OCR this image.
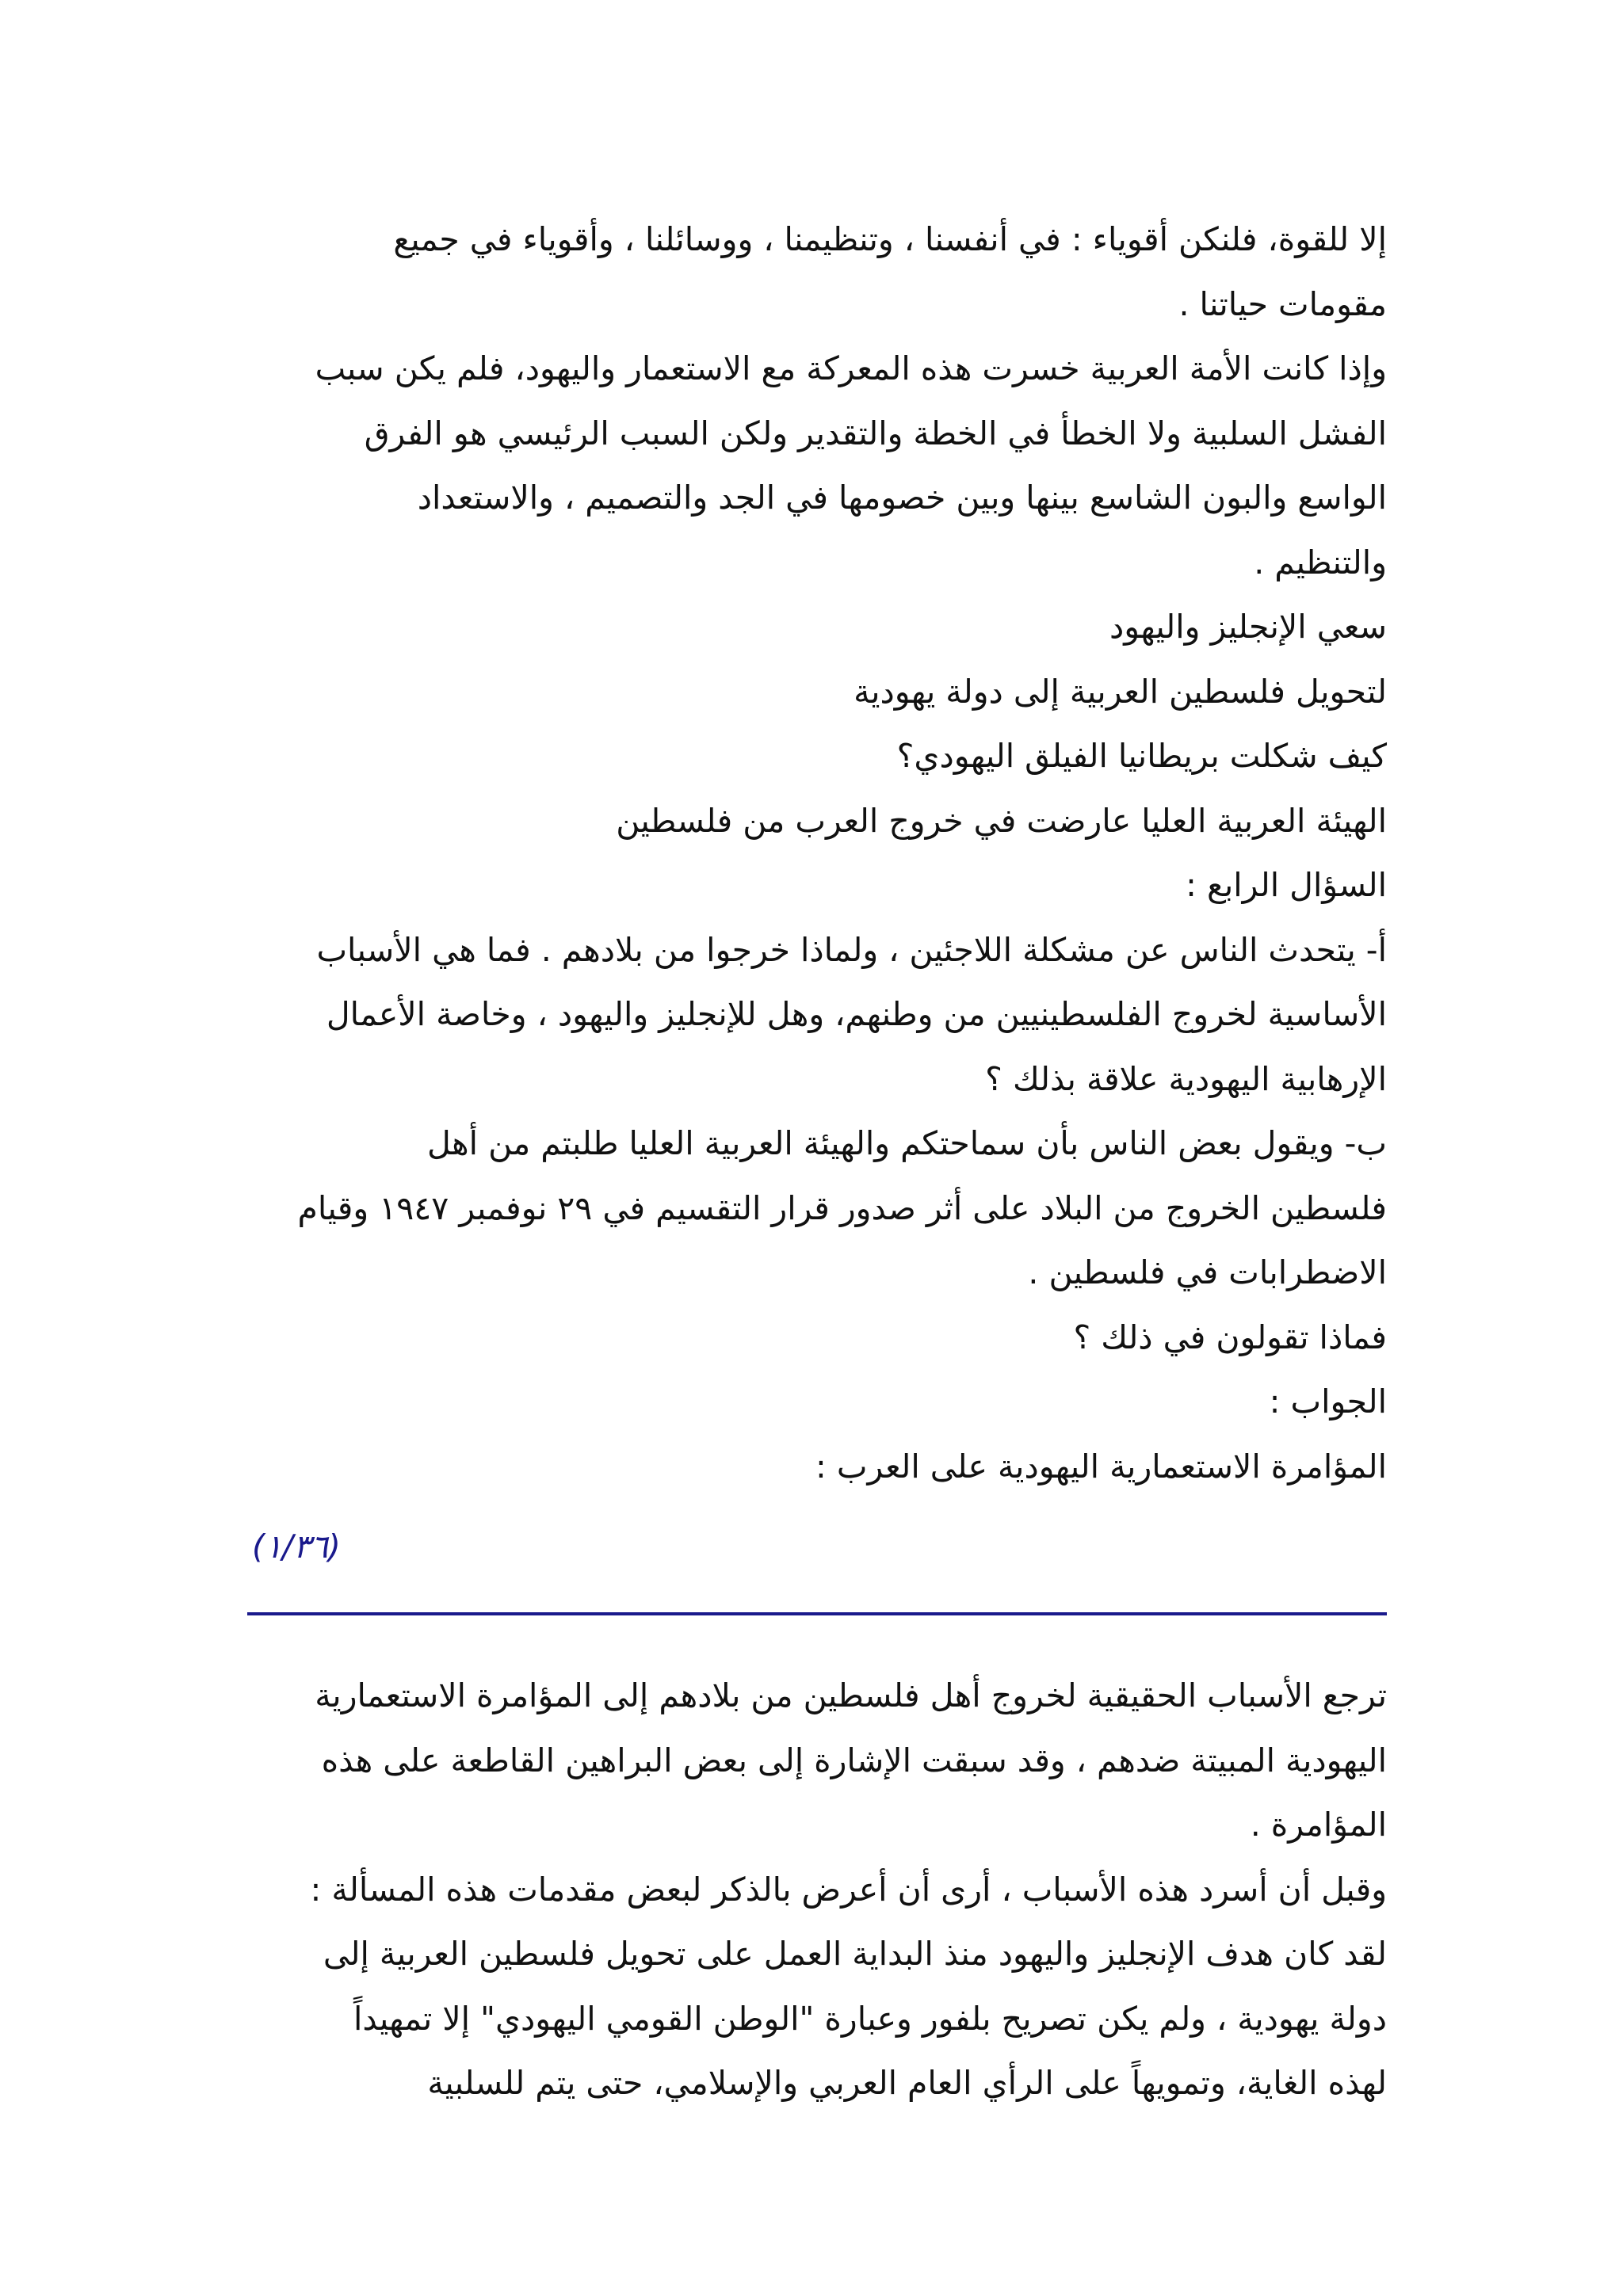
إلا للقوة، فلنكن أقوياء : في أنفسنا ، وتنظيمنا ، ووسائلنا ، وأقوياء في جميع
مقومات حياتنا .
وإذا كانت الأمة العربية خسرت هذه المعركة مع الاستعمار واليهود، فلم يكن سبب
الفشل السلبية ولا الخطأ في الخطة والتقدير ولكن السبب الرئيسي هو الفرق
الواسع والبون الشاسع بينها وبين خصومها في الجد والتصميم ، والاستعداد
والتنظيم .
سعي الإنجليز واليهود
لتحويل فلسطين العربية إلى دولة يهودية
كيف شكلت بريطانيا الفيلق اليهودي؟
الهيئة العربية العليا عارضت في خروج العرب من فلسطين
السؤال الرابع :
أ- يتحدث الناس عن مشكلة اللاجئين ، ولماذا خرجوا من بلادهم . فما هي الأسباب
الأساسية لخروج الفلسطينيين من وطنهم، وهل للإنجليز واليهود ، وخاصة الأعمال
الإرهابية اليهودية علاقة بذلك ؟
ب- ويقول بعض الناس بأن سماحتكم والهيئة العربية العليا طلبتم من أهل
فلسطين الخروج من البلاد على أثر صدور قرار التقسيم في ٢٩ نوفمبر ١٩٤٧ وقيام
الاضطرابات في فلسطين .
فماذا تقولون في ذلك ؟
الجواب :
المؤامرة الاستعمارية اليهودية على العرب :
(١/٣٦)
ترجع الأسباب الحقيقية لخروج أهل فلسطين من بلادهم إلى المؤامرة الاستعمارية
اليهودية المبيتة ضدهم ، وقد سبقت الإشارة إلى بعض البراهين القاطعة على هذه
المؤامرة .
وقبل أن أسرد هذه الأسباب ، أرى أن أعرض بالذكر لبعض مقدمات هذه المسألة :
لقد كان هدف الإنجليز واليهود منذ البداية العمل على تحويل فلسطين العربية إلى
دولة يهودية ، ولم يكن تصريح بلفور وعبارة "الوطن القومي اليهودي" إلا تمهيداً
لهذه الغاية، وتمويهاً على الرأي العام العربي والإسلامي، حتى يتم للسلبية
